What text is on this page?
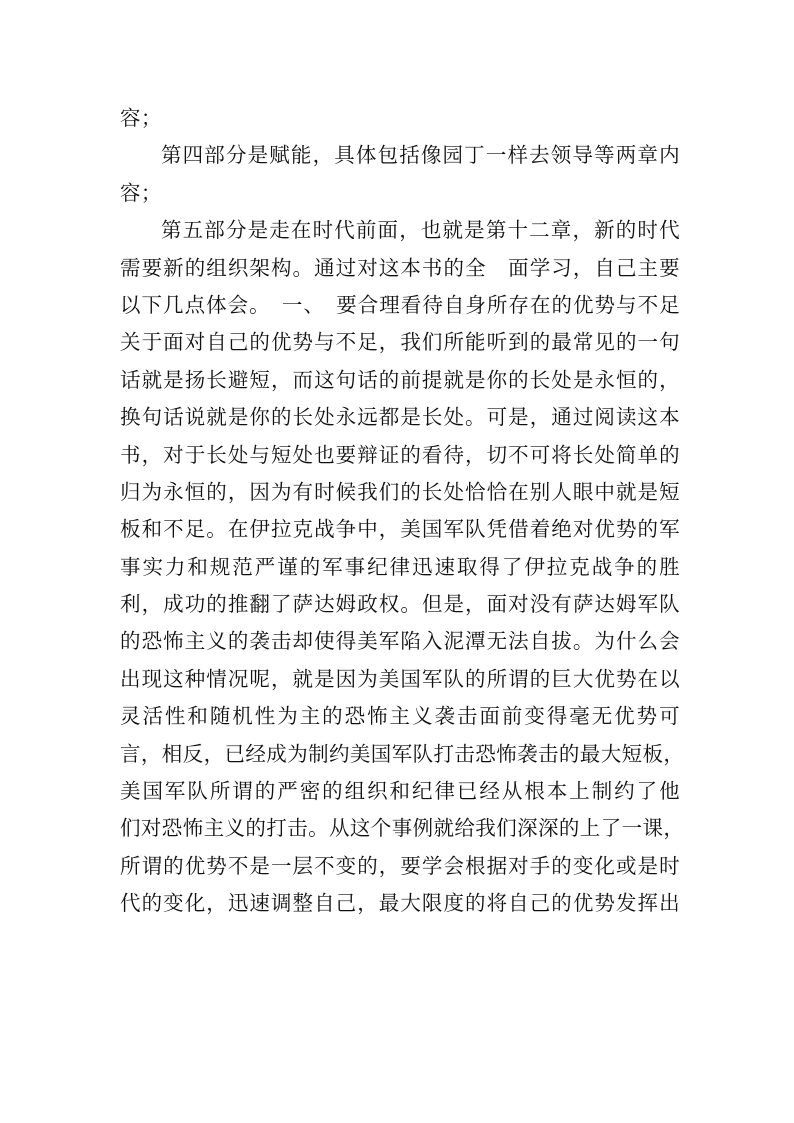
容；
第四部分是赋能，具体包括像园丁一样去领导等两章内
容；
第五部分是走在时代前面，也就是第十二章，新的时代
需要新的组织架构。通过对这本书的全　面学习，自己主要
以下几点体会。　一、　要合理看待自身所存在的优势与不足
关于面对自己的优势与不足，我们所能听到的最常见的一句
话就是扬长避短，而这句话的前提就是你的长处是永恒的，
换句话说就是你的长处永远都是长处。可是，通过阅读这本
书，对于长处与短处也要辩证的看待，切不可将长处简单的
归为永恒的，因为有时候我们的长处恰恰在别人眼中就是短
板和不足。在伊拉克战争中，美国军队凭借着绝对优势的军
事实力和规范严谨的军事纪律迅速取得了伊拉克战争的胜
利，成功的推翻了萨达姆政权。但是，面对没有萨达姆军队
的恐怖主义的袭击却使得美军陷入泥潭无法自拔。为什么会
出现这种情况呢，就是因为美国军队的所谓的巨大优势在以
灵活性和随机性为主的恐怖主义袭击面前变得毫无优势可
言，相反，已经成为制约美国军队打击恐怖袭击的最大短板，
美国军队所谓的严密的组织和纪律已经从根本上制约了他
们对恐怖主义的打击。从这个事例就给我们深深的上了一课，
所谓的优势不是一层不变的，要学会根据对手的变化或是时
代的变化，迅速调整自己，最大限度的将自己的优势发挥出
